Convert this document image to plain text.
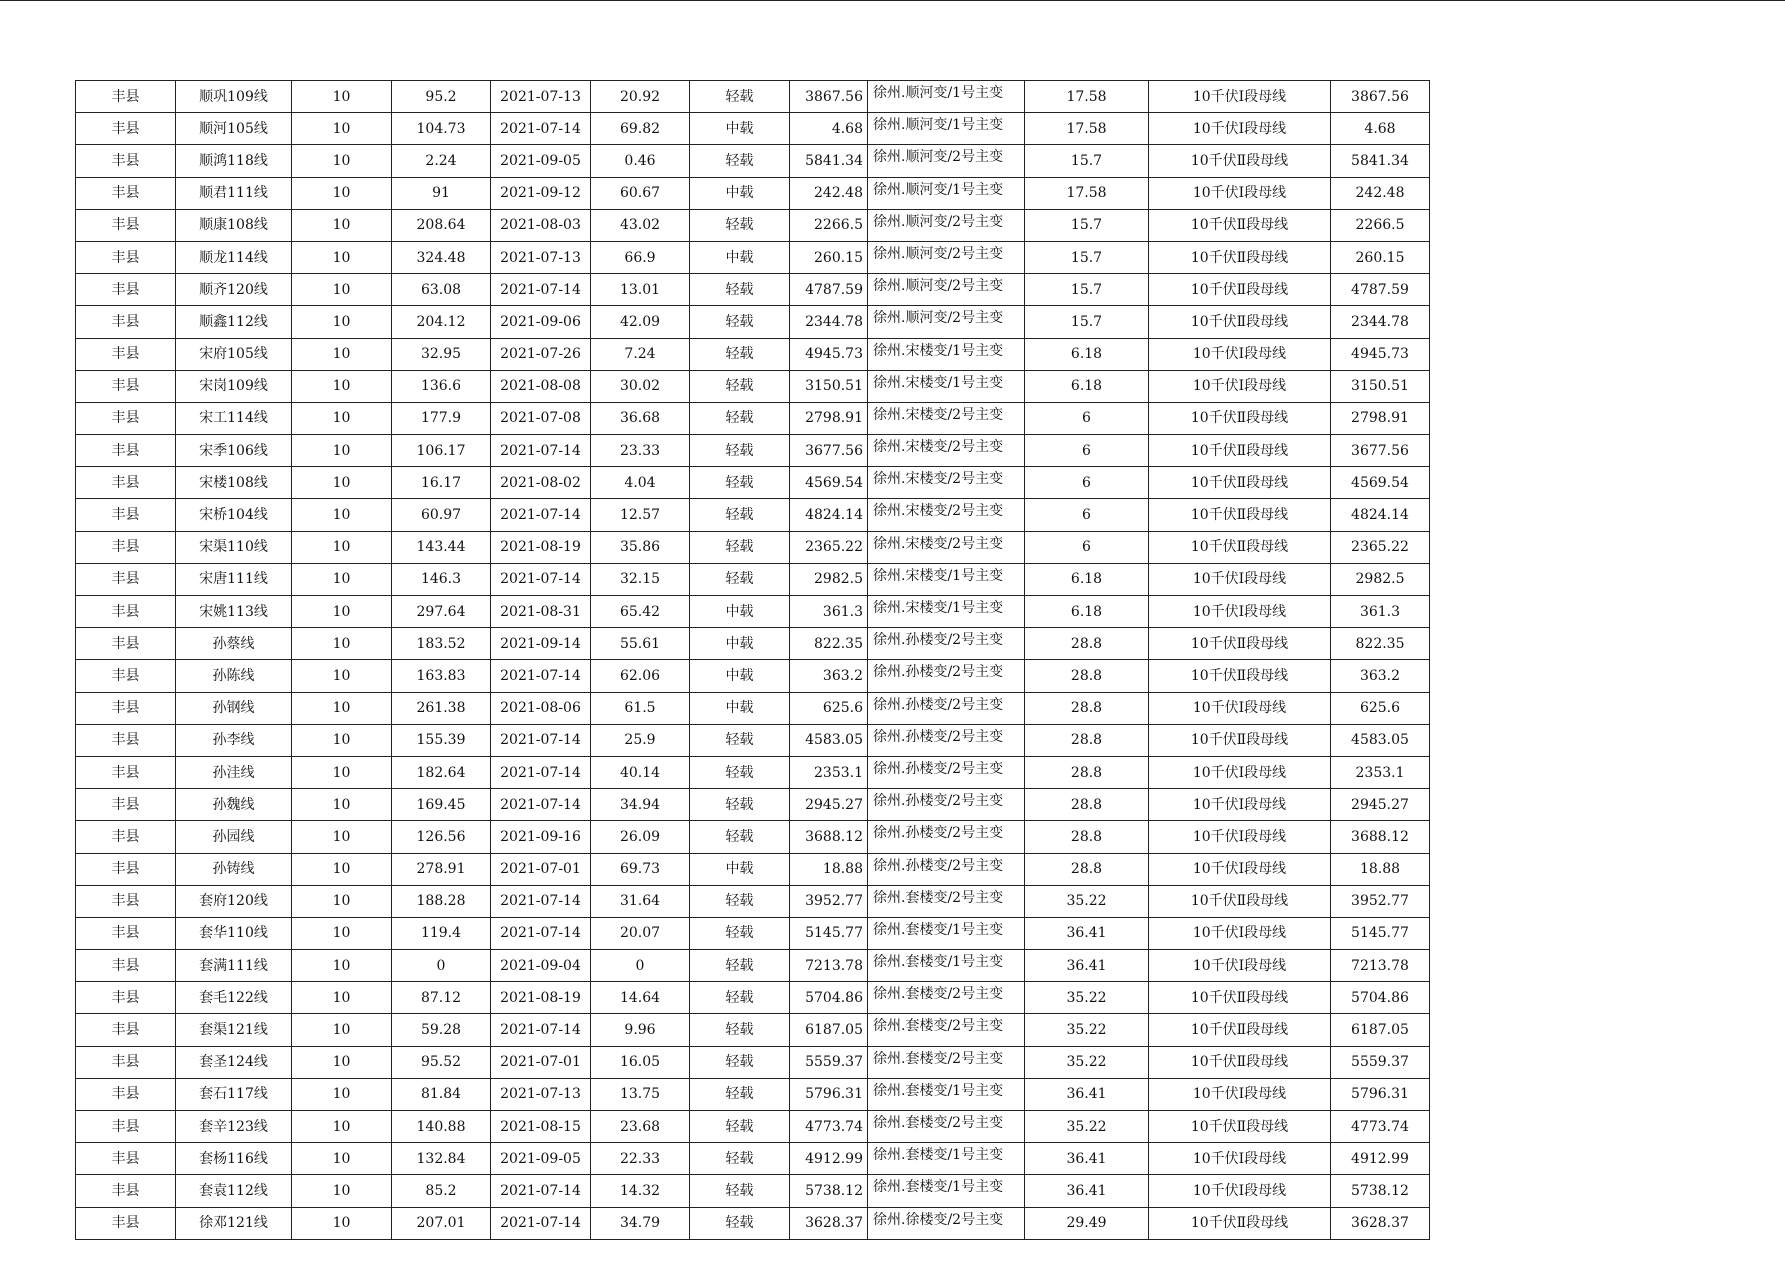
丰县	顺巩109线	10	95.2	2021-07-13	20.92	轻载	3867.56	徐州.顺河变/1号主变	17.58	10千伏Ⅰ段母线	3867.56
丰县	顺河105线	10	104.73	2021-07-14	69.82	中载	4.68	徐州.顺河变/1号主变	17.58	10千伏Ⅰ段母线	4.68
丰县	顺鸿118线	10	2.24	2021-09-05	0.46	轻载	5841.34	徐州.顺河变/2号主变	15.7	10千伏Ⅱ段母线	5841.34
丰县	顺君111线	10	91	2021-09-12	60.67	中载	242.48	徐州.顺河变/1号主变	17.58	10千伏Ⅰ段母线	242.48
丰县	顺康108线	10	208.64	2021-08-03	43.02	轻载	2266.5	徐州.顺河变/2号主变	15.7	10千伏Ⅱ段母线	2266.5
丰县	顺龙114线	10	324.48	2021-07-13	66.9	中载	260.15	徐州.顺河变/2号主变	15.7	10千伏Ⅱ段母线	260.15
丰县	顺齐120线	10	63.08	2021-07-14	13.01	轻载	4787.59	徐州.顺河变/2号主变	15.7	10千伏Ⅱ段母线	4787.59
丰县	顺鑫112线	10	204.12	2021-09-06	42.09	轻载	2344.78	徐州.顺河变/2号主变	15.7	10千伏Ⅱ段母线	2344.78
丰县	宋府105线	10	32.95	2021-07-26	7.24	轻载	4945.73	徐州.宋楼变/1号主变	6.18	10千伏Ⅰ段母线	4945.73
丰县	宋岗109线	10	136.6	2021-08-08	30.02	轻载	3150.51	徐州.宋楼变/1号主变	6.18	10千伏Ⅰ段母线	3150.51
丰县	宋工114线	10	177.9	2021-07-08	36.68	轻载	2798.91	徐州.宋楼变/2号主变	6	10千伏Ⅱ段母线	2798.91
丰县	宋季106线	10	106.17	2021-07-14	23.33	轻载	3677.56	徐州.宋楼变/2号主变	6	10千伏Ⅱ段母线	3677.56
丰县	宋楼108线	10	16.17	2021-08-02	4.04	轻载	4569.54	徐州.宋楼变/2号主变	6	10千伏Ⅱ段母线	4569.54
丰县	宋桥104线	10	60.97	2021-07-14	12.57	轻载	4824.14	徐州.宋楼变/2号主变	6	10千伏Ⅱ段母线	4824.14
丰县	宋渠110线	10	143.44	2021-08-19	35.86	轻载	2365.22	徐州.宋楼变/2号主变	6	10千伏Ⅱ段母线	2365.22
丰县	宋唐111线	10	146.3	2021-07-14	32.15	轻载	2982.5	徐州.宋楼变/1号主变	6.18	10千伏Ⅰ段母线	2982.5
丰县	宋姚113线	10	297.64	2021-08-31	65.42	中载	361.3	徐州.宋楼变/1号主变	6.18	10千伏Ⅰ段母线	361.3
丰县	孙蔡线	10	183.52	2021-09-14	55.61	中载	822.35	徐州.孙楼变/2号主变	28.8	10千伏Ⅱ段母线	822.35
丰县	孙陈线	10	163.83	2021-07-14	62.06	中载	363.2	徐州.孙楼变/2号主变	28.8	10千伏Ⅱ段母线	363.2
丰县	孙钢线	10	261.38	2021-08-06	61.5	中载	625.6	徐州.孙楼变/2号主变	28.8	10千伏Ⅰ段母线	625.6
丰县	孙李线	10	155.39	2021-07-14	25.9	轻载	4583.05	徐州.孙楼变/2号主变	28.8	10千伏Ⅱ段母线	4583.05
丰县	孙洼线	10	182.64	2021-07-14	40.14	轻载	2353.1	徐州.孙楼变/2号主变	28.8	10千伏Ⅰ段母线	2353.1
丰县	孙魏线	10	169.45	2021-07-14	34.94	轻载	2945.27	徐州.孙楼变/2号主变	28.8	10千伏Ⅰ段母线	2945.27
丰县	孙园线	10	126.56	2021-09-16	26.09	轻载	3688.12	徐州.孙楼变/2号主变	28.8	10千伏Ⅰ段母线	3688.12
丰县	孙铸线	10	278.91	2021-07-01	69.73	中载	18.88	徐州.孙楼变/2号主变	28.8	10千伏Ⅰ段母线	18.88
丰县	套府120线	10	188.28	2021-07-14	31.64	轻载	3952.77	徐州.套楼变/2号主变	35.22	10千伏Ⅱ段母线	3952.77
丰县	套华110线	10	119.4	2021-07-14	20.07	轻载	5145.77	徐州.套楼变/1号主变	36.41	10千伏Ⅰ段母线	5145.77
丰县	套满111线	10	0	2021-09-04	0	轻载	7213.78	徐州.套楼变/1号主变	36.41	10千伏Ⅰ段母线	7213.78
丰县	套毛122线	10	87.12	2021-08-19	14.64	轻载	5704.86	徐州.套楼变/2号主变	35.22	10千伏Ⅱ段母线	5704.86
丰县	套渠121线	10	59.28	2021-07-14	9.96	轻载	6187.05	徐州.套楼变/2号主变	35.22	10千伏Ⅱ段母线	6187.05
丰县	套圣124线	10	95.52	2021-07-01	16.05	轻载	5559.37	徐州.套楼变/2号主变	35.22	10千伏Ⅱ段母线	5559.37
丰县	套石117线	10	81.84	2021-07-13	13.75	轻载	5796.31	徐州.套楼变/1号主变	36.41	10千伏Ⅰ段母线	5796.31
丰县	套辛123线	10	140.88	2021-08-15	23.68	轻载	4773.74	徐州.套楼变/2号主变	35.22	10千伏Ⅱ段母线	4773.74
丰县	套杨116线	10	132.84	2021-09-05	22.33	轻载	4912.99	徐州.套楼变/1号主变	36.41	10千伏Ⅰ段母线	4912.99
丰县	套袁112线	10	85.2	2021-07-14	14.32	轻载	5738.12	徐州.套楼变/1号主变	36.41	10千伏Ⅰ段母线	5738.12
丰县	徐邓121线	10	207.01	2021-07-14	34.79	轻载	3628.37	徐州.徐楼变/2号主变	29.49	10千伏Ⅱ段母线	3628.37
